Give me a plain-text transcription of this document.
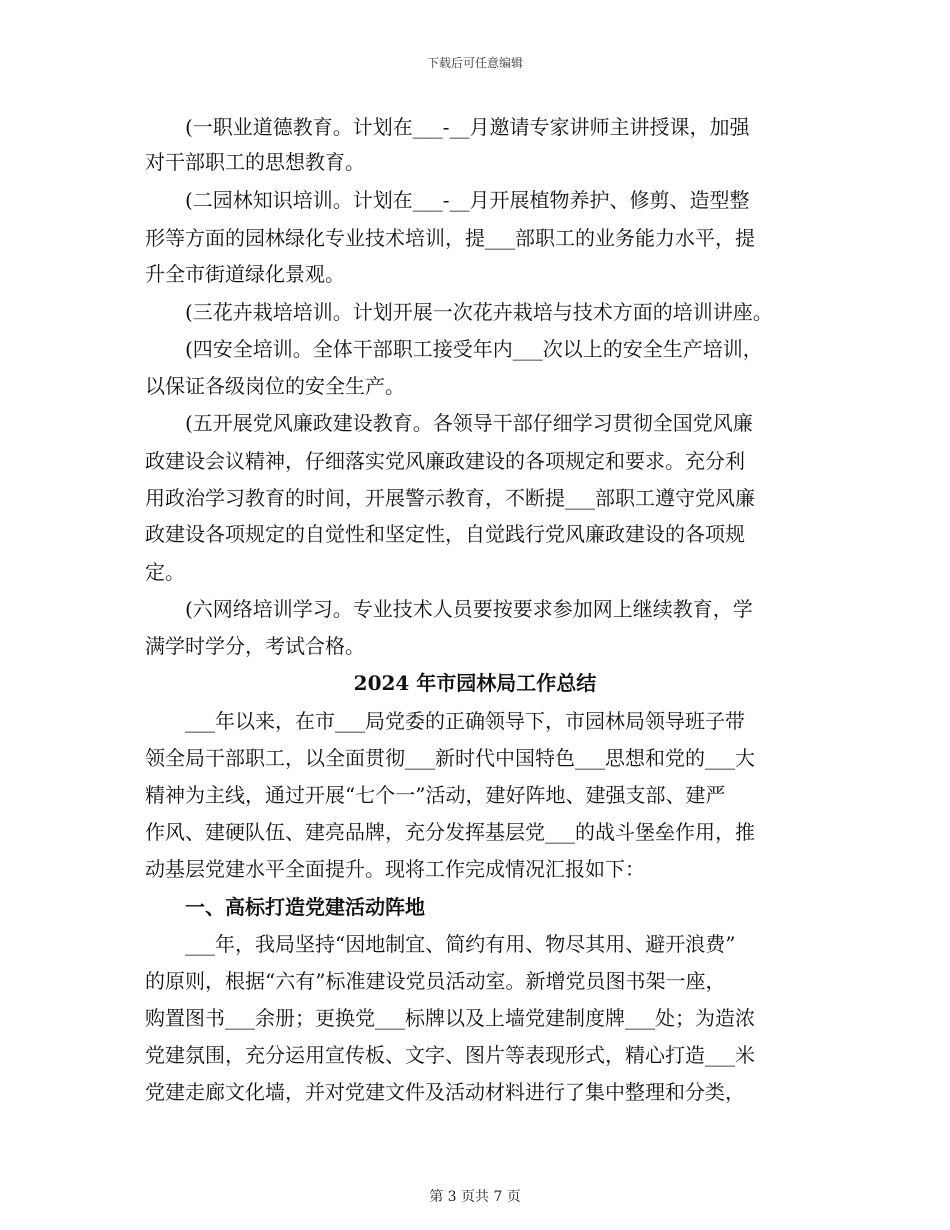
下载后可任意编辑
(一职业道德教育。计划在___-__月邀请专家讲师主讲授课，加强
对干部职工的思想教育。
(二园林知识培训。计划在___-__月开展植物养护、修剪、造型整
形等方面的园林绿化专业技术培训，提___部职工的业务能力水平，提
升全市街道绿化景观。
(三花卉栽培培训。计划开展一次花卉栽培与技术方面的培训讲座。
(四安全培训。全体干部职工接受年内___次以上的安全生产培训，
以保证各级岗位的安全生产。
(五开展党风廉政建设教育。各领导干部仔细学习贯彻全国党风廉
政建设会议精神，仔细落实党风廉政建设的各项规定和要求。充分利
用政治学习教育的时间，开展警示教育，不断提___部职工遵守党风廉
政建设各项规定的自觉性和坚定性，自觉践行党风廉政建设的各项规
定。
(六网络培训学习。专业技术人员要按要求参加网上继续教育，学
满学时学分，考试合格。
2024 年市园林局工作总结
___年以来，在市___局党委的正确领导下，市园林局领导班子带
领全局干部职工，以全面贯彻___新时代中国特色___思想和党的___大
精神为主线，通过开展“七个一”活动，建好阵地、建强支部、建严
作风、建硬队伍、建亮品牌，充分发挥基层党___的战斗堡垒作用，推
动基层党建水平全面提升。现将工作完成情况汇报如下：
一、高标打造党建活动阵地
___年，我局坚持“因地制宜、简约有用、物尽其用、避开浪费”
的原则，根据“六有”标准建设党员活动室。新增党员图书架一座，
购置图书___余册；更换党___标牌以及上墙党建制度牌___处；为造浓
党建氛围，充分运用宣传板、文字、图片等表现形式，精心打造___米
党建走廊文化墙，并对党建文件及活动材料进行了集中整理和分类，
第 3 页共 7 页
